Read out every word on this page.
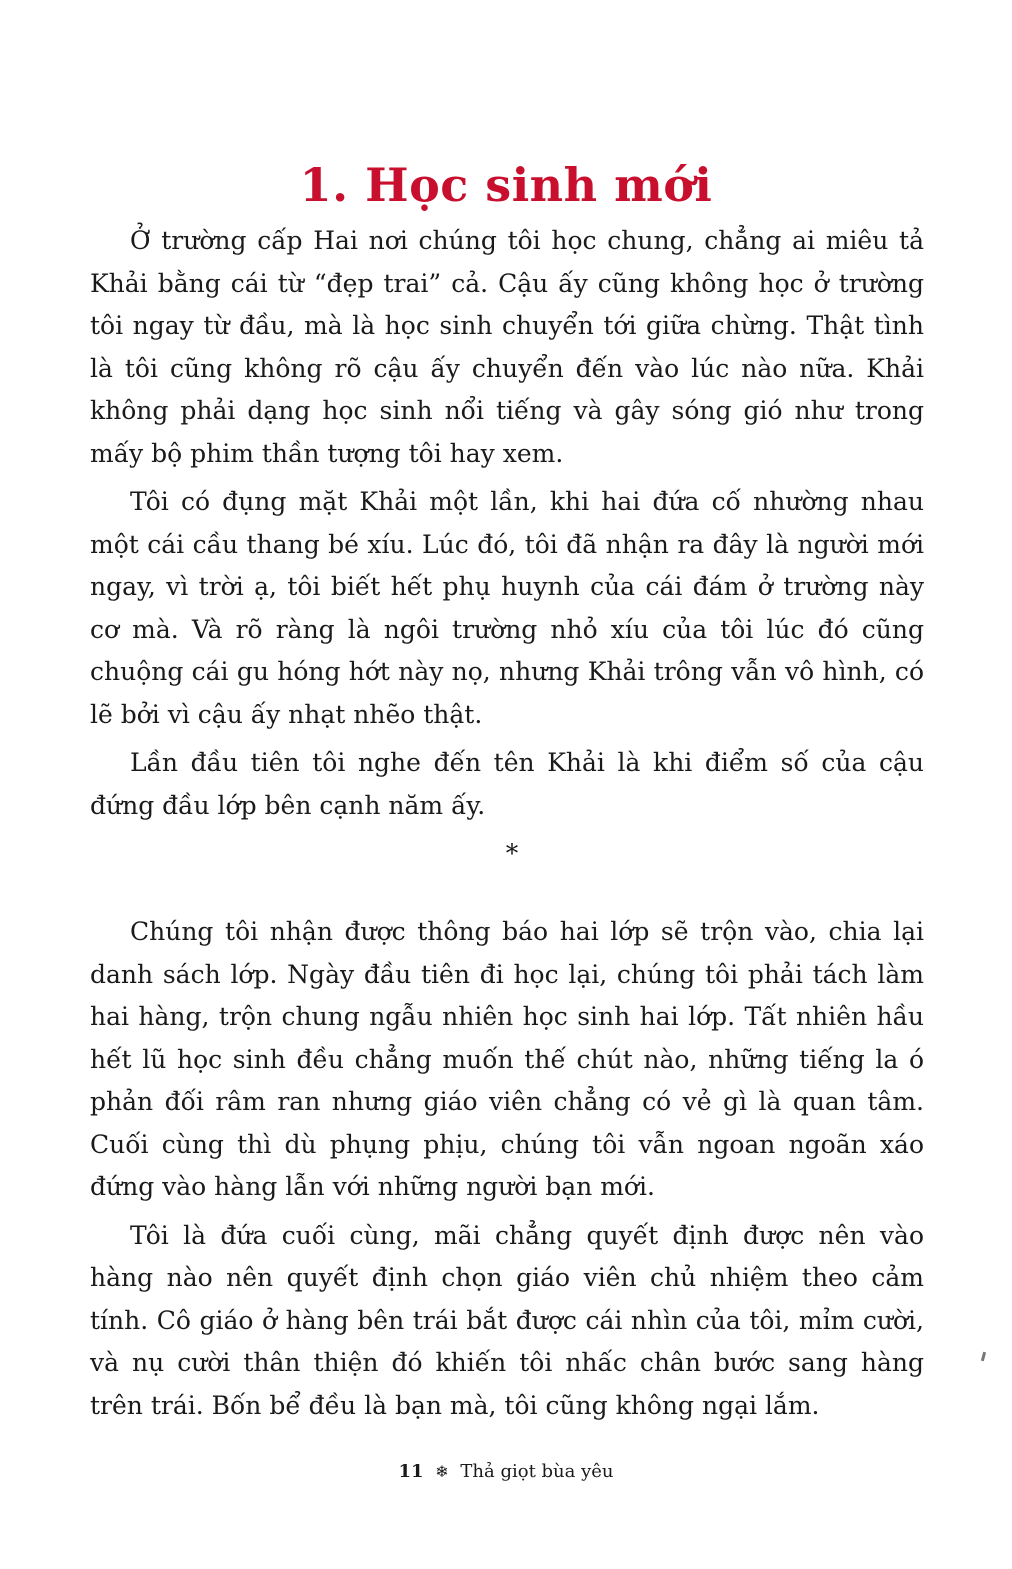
1. Học sinh mới

Ở trường cấp Hai nơi chúng tôi học chung, chẳng ai miêu tả Khải bằng cái từ “đẹp trai” cả. Cậu ấy cũng không học ở trường tôi ngay từ đầu, mà là học sinh chuyển tới giữa chừng. Thật tình là tôi cũng không rõ cậu ấy chuyển đến vào lúc nào nữa. Khải không phải dạng học sinh nổi tiếng và gây sóng gió như trong mấy bộ phim thần tượng tôi hay xem.

Tôi có đụng mặt Khải một lần, khi hai đứa cố nhường nhau một cái cầu thang bé xíu. Lúc đó, tôi đã nhận ra đây là người mới ngay, vì trời ạ, tôi biết hết phụ huynh của cái đám ở trường này cơ mà. Và rõ ràng là ngôi trường nhỏ xíu của tôi lúc đó cũng chuộng cái gu hóng hớt này nọ, nhưng Khải trông vẫn vô hình, có lẽ bởi vì cậu ấy nhạt nhẽo thật.

Lần đầu tiên tôi nghe đến tên Khải là khi điểm số của cậu đứng đầu lớp bên cạnh năm ấy.

*

Chúng tôi nhận được thông báo hai lớp sẽ trộn vào, chia lại danh sách lớp. Ngày đầu tiên đi học lại, chúng tôi phải tách làm hai hàng, trộn chung ngẫu nhiên học sinh hai lớp. Tất nhiên hầu hết lũ học sinh đều chẳng muốn thế chút nào, những tiếng la ó phản đối râm ran nhưng giáo viên chẳng có vẻ gì là quan tâm. Cuối cùng thì dù phụng phịu, chúng tôi vẫn ngoan ngoãn xáo đứng vào hàng lẫn với những người bạn mới.

Tôi là đứa cuối cùng, mãi chẳng quyết định được nên vào hàng nào nên quyết định chọn giáo viên chủ nhiệm theo cảm tính. Cô giáo ở hàng bên trái bắt được cái nhìn của tôi, mỉm cười, và nụ cười thân thiện đó khiến tôi nhấc chân bước sang hàng trên trái. Bốn bể đều là bạn mà, tôi cũng không ngại lắm.

11 ❄ Thả giọt bùa yêu
